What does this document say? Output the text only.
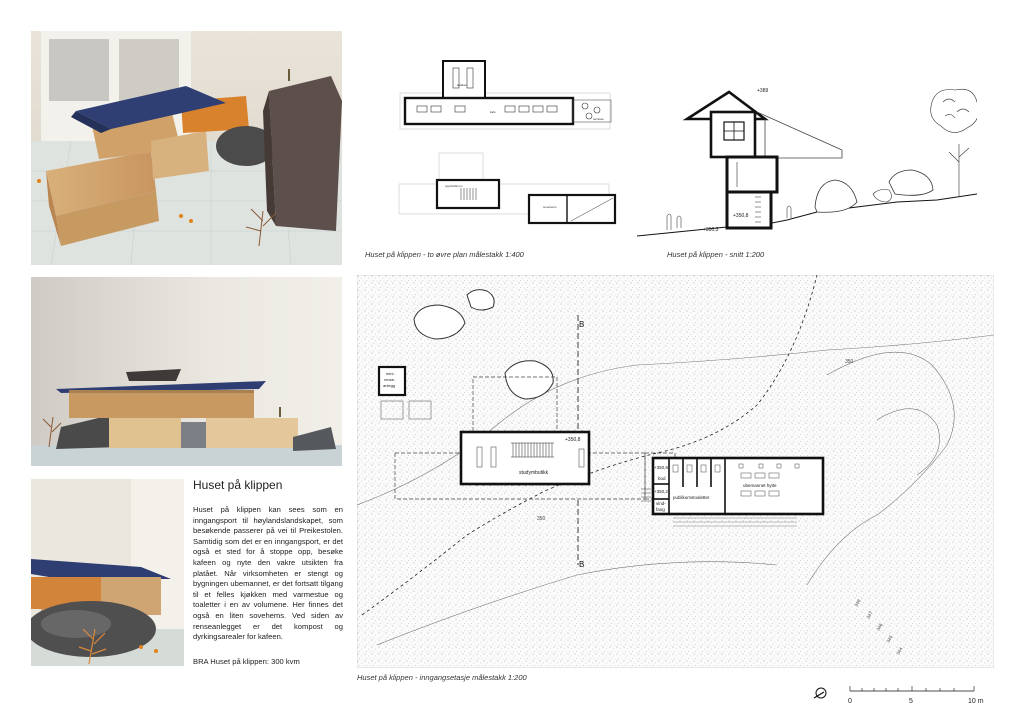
Huset på klippen
Huset på klippen kan sees som en inngangsport til høylandslandskapet, som besøkende passerer på vei til Preikestolen. Samtidig som det er en inngangsport, er det også et sted for å stoppe opp, besøke kafeen og nyte den vakre utsikten fra platået. Når virksomheten er stengt og bygningen ubemannet, er det fortsatt tilgang til et felles kjøkken med varmestue og toaletter i en av volumene. Her finnes det også en liten sovehems. Ved siden av renseanlegget er det kompost og dyrkingsarealer for kafeen.
BRA Huset på klippen: 300 kvm
kjøkken
kafe
terrasse
oppholdsrom
sovehems
Huset på klippen - to øvre plan målestakk 1:400
+389
+350,8
+350,3
Huset på klippen - snitt 1:200
350
350
B
B
mini-
rense-
anlegg
studymbutikk
+350,8
+350,8
bod
+350,2
vind-
fang
publikumstoaletter
ubemannet hytte
348
347
346
345
344
Huset på klippen - inngangsetasje målestakk 1:200
0	5	10 m
